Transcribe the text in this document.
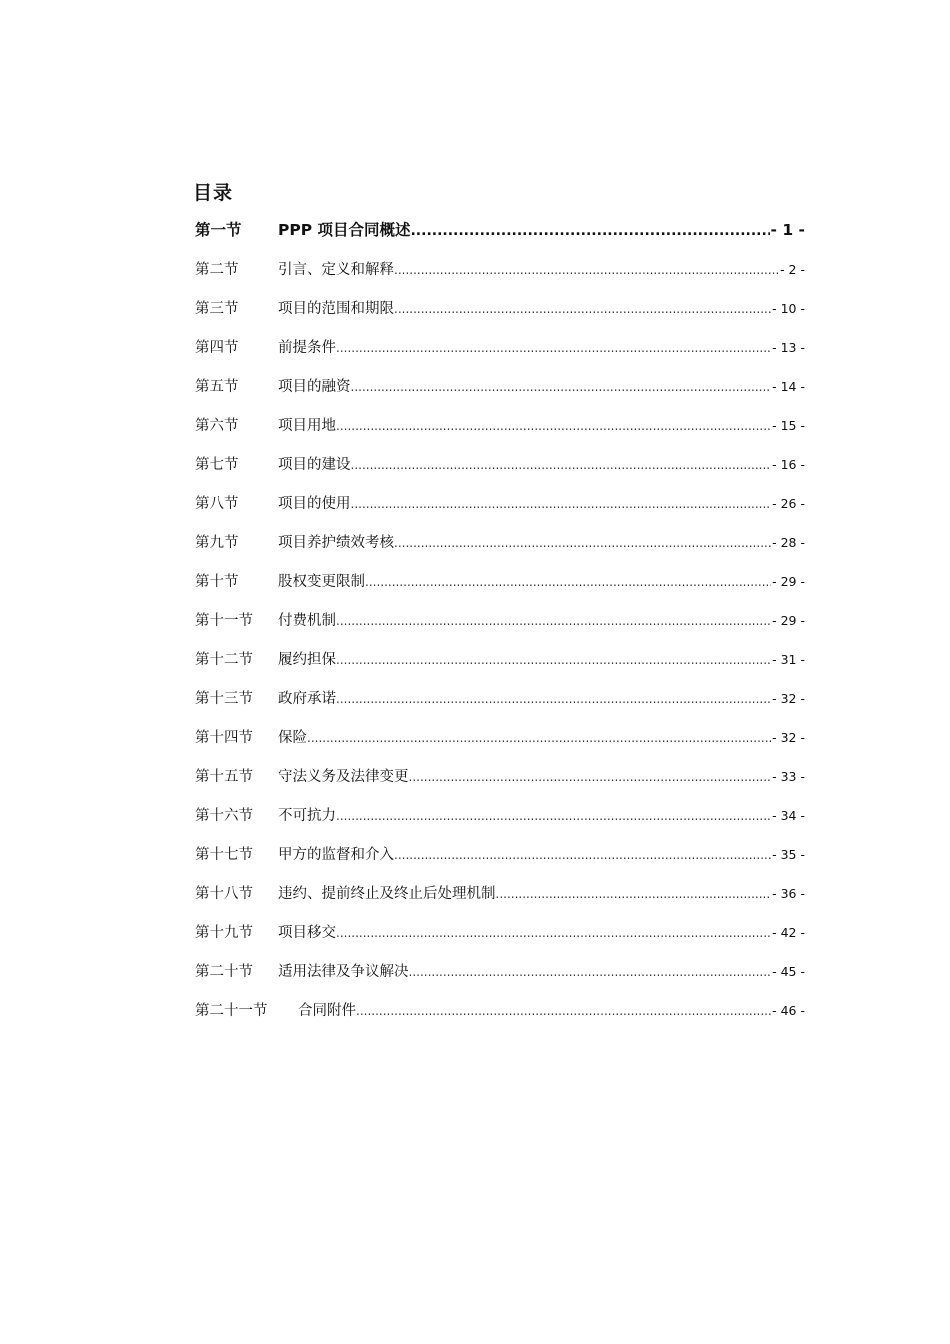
目录
第一节	PPP 项目合同概述 .....	- 1 -
第二节	引言、定义和解释 .....	- 2 -
第三节	项目的范围和期限 .....	- 10 -
第四节	前提条件 .....	- 13 -
第五节	项目的融资 .....	- 14 -
第六节	项目用地 .....	- 15 -
第七节	项目的建设 .....	- 16 -
第八节	项目的使用 .....	- 26 -
第九节	项目养护绩效考核 .....	- 28 -
第十节	股权变更限制 .....	- 29 -
第十一节	付费机制 .....	- 29 -
第十二节	履约担保 .....	- 31 -
第十三节	政府承诺 .....	- 32 -
第十四节	保险 .....	- 32 -
第十五节	守法义务及法律变更 .....	- 33 -
第十六节	不可抗力 .....	- 34 -
第十七节	甲方的监督和介入 .....	- 35 -
第十八节	违约、提前终止及终止后处理机制 .....	- 36 -
第十九节	项目移交 .....	- 42 -
第二十节	适用法律及争议解决 .....	- 45 -
第二十一节	合同附件 .....	- 46 -
